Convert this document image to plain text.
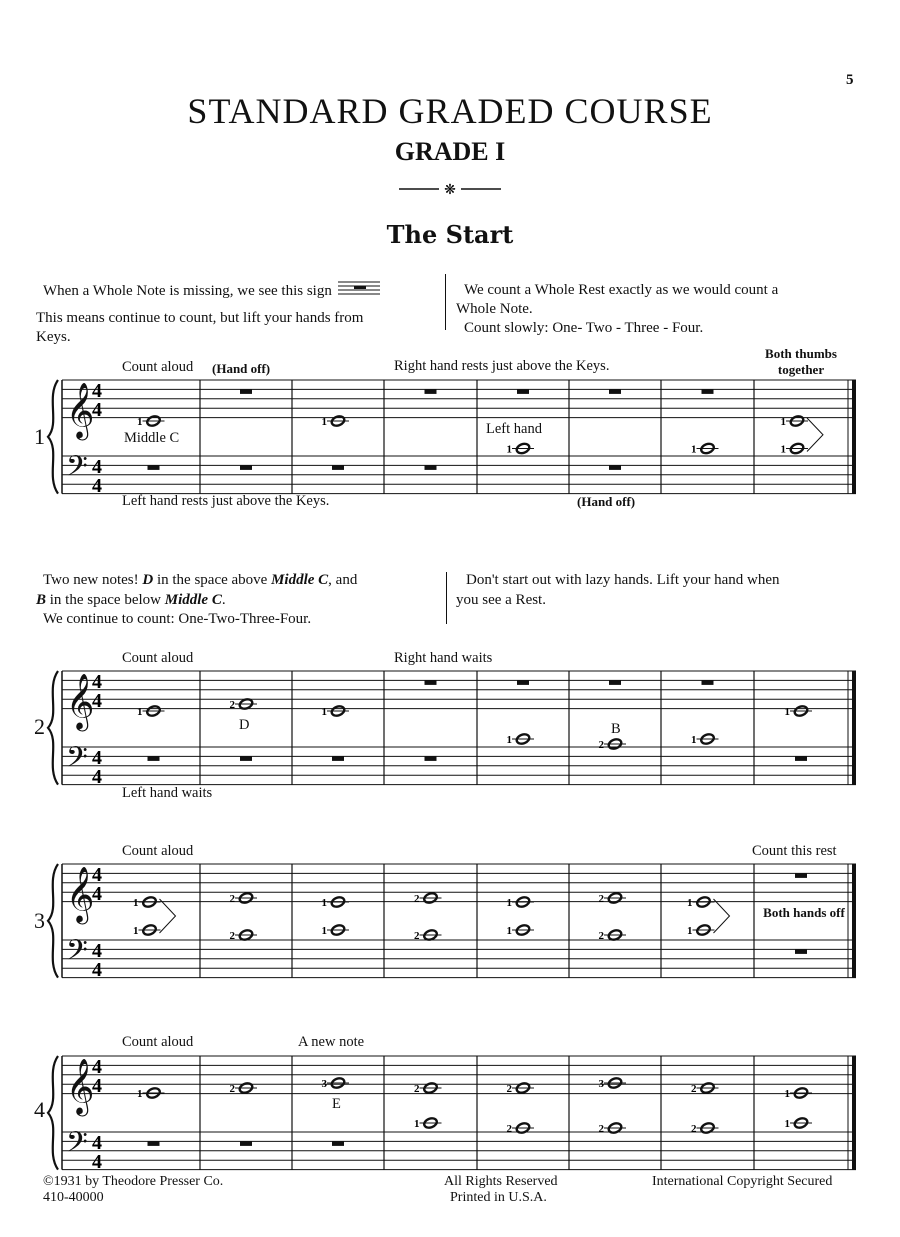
5
STANDARD GRADED COURSE
GRADE I
❋
The Start
When a Whole Note is missing, we see this sign
This means continue to count, but lift your hands from
Keys.
We count a Whole Rest exactly as we would count a
Whole Note.
Count slowly: One- Two - Three - Four.
Count aloud (Hand off)	Right hand rests just above the Keys.
Both thumbs together
Middle C
Left hand
1
Left hand rests just above the Keys.	(Hand off)
𝄞
𝄢
4
4
4
4
1	1
1	1
1
1
Two new notes! D in the space above Middle C, and
B in the space below Middle C.
We continue to count: One-Two-Three-Four.
Don't start out with lazy hands. Lift your hand when
you see a Rest.
Count aloud	Right hand waits
D	B
2
Left hand waits
𝄞
𝄢
4
4
4
4
1
2
1
1	2	1
1
Count aloud	Count this rest
Both hands off
3 𝄞
𝄢
4
4
4
4
1
1
1
1
1
1
1
1
2
2
2
2
2
2
Count aloud	A new note
E
4 𝄞
𝄢
4
4
4
4
1	2	3	2	2	3	2	1
1	2	2	2	1
©1931 by Theodore Presser Co.
410-40000
All Rights Reserved
Printed in U.S.A.
International Copyright Secured
